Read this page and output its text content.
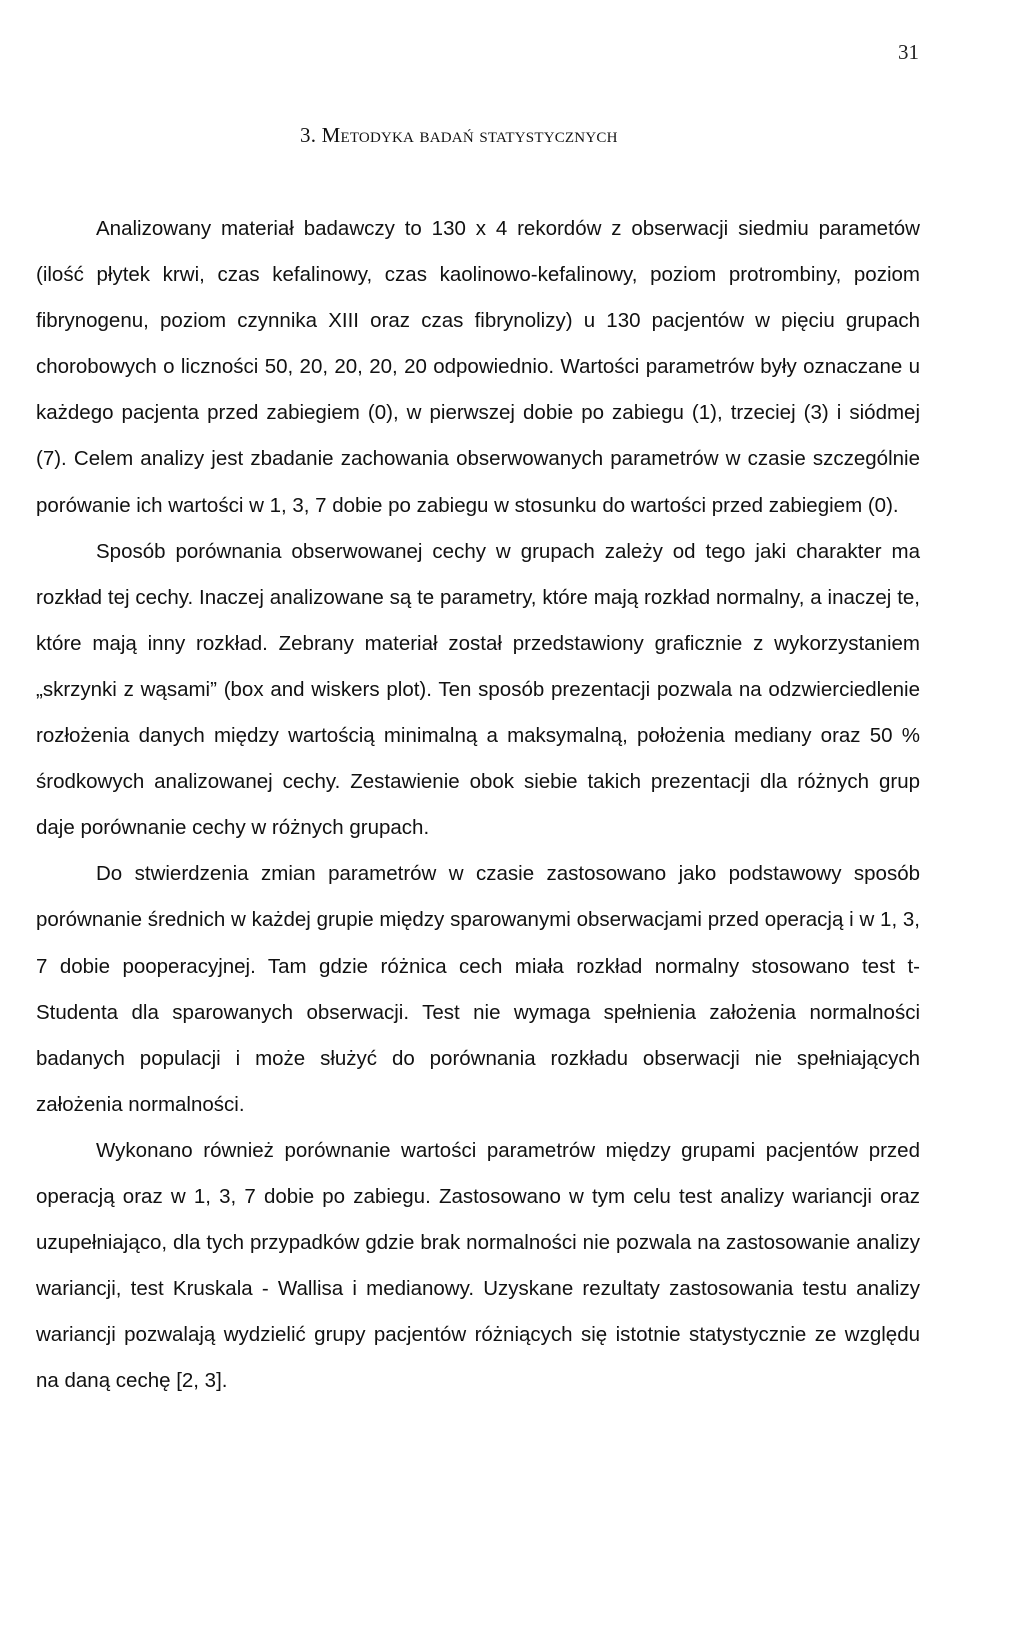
31
3. Metodyka badań statystycznych

Analizowany materiał badawczy to 130 x 4 rekordów z obserwacji siedmiu parametów (ilość płytek krwi, czas kefalinowy, czas kaolinowo-kefalinowy, poziom protrombiny, poziom fibrynogenu, poziom czynnika XIII oraz czas fibrynolizy) u 130 pacjentów w pięciu grupach chorobowych o liczności 50, 20, 20, 20, 20 odpowiednio. Wartości parametrów były oznaczane u każdego pacjenta przed zabiegiem (0), w pierwszej dobie po zabiegu (1), trzeciej (3) i siódmej (7). Celem analizy jest zbadanie zachowania obserwowanych parametrów w czasie szczególnie porówanie ich wartości w 1, 3, 7 dobie po zabiegu w stosunku do wartości przed zabiegiem (0).

Sposób porównania obserwowanej cechy w grupach zależy od tego jaki charakter ma rozkład tej cechy. Inaczej analizowane są te parametry, które mają rozkład normalny, a inaczej te, które mają inny rozkład. Zebrany materiał został przedstawiony graficznie z wykorzystaniem „skrzynki z wąsami” (box and wiskers plot). Ten sposób prezentacji pozwala na odzwierciedlenie rozłożenia danych między wartością minimalną a maksymalną, położenia mediany oraz 50 % środkowych analizowanej cechy. Zestawienie obok siebie takich prezentacji dla różnych grup daje porównanie cechy w różnych grupach.

Do stwierdzenia zmian parametrów w czasie zastosowano jako podstawowy sposób porównanie średnich w każdej grupie między sparowanymi obserwacjami przed operacją i w 1, 3, 7 dobie pooperacyjnej. Tam gdzie różnica cech miała rozkład normalny stosowano test t-Studenta dla sparowanych obserwacji. Test nie wymaga spełnienia założenia normalności badanych populacji i może służyć do porównania rozkładu obserwacji nie spełniających założenia normalności.

Wykonano również porównanie wartości parametrów między grupami pacjentów przed operacją oraz w 1, 3, 7 dobie po zabiegu. Zastosowano w tym celu test analizy wariancji oraz uzupełniająco, dla tych przypadków gdzie brak normalności nie pozwala na zastosowanie analizy wariancji, test Kruskala - Wallisa i medianowy. Uzyskane rezultaty zastosowania testu analizy wariancji pozwalają wydzielić grupy pacjentów różniących się istotnie statystycznie ze względu na daną cechę [2, 3].
